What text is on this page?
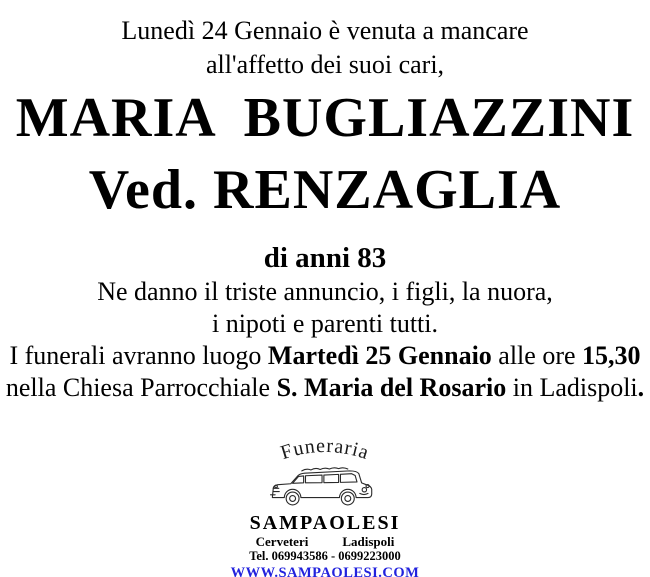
Lunedì 24 Gennaio è venuta a mancare

all'affetto dei suoi cari,

MARIA  BUGLIAZZINI
Ved. RENZAGLIA

di anni 83

Ne danno il triste annuncio, i figli, la nuora,

i nipoti e parenti tutti.

I funerali avranno luogo Martedì 25 Gennaio alle ore 15,30

nella Chiesa Parrocchiale S. Maria del Rosario in Ladispoli.

Funeraria
SAMPAOLESI
Cerveteri	Ladispoli
Tel. 069943586 - 0699223000
WWW.SAMPAOLESI.COM
